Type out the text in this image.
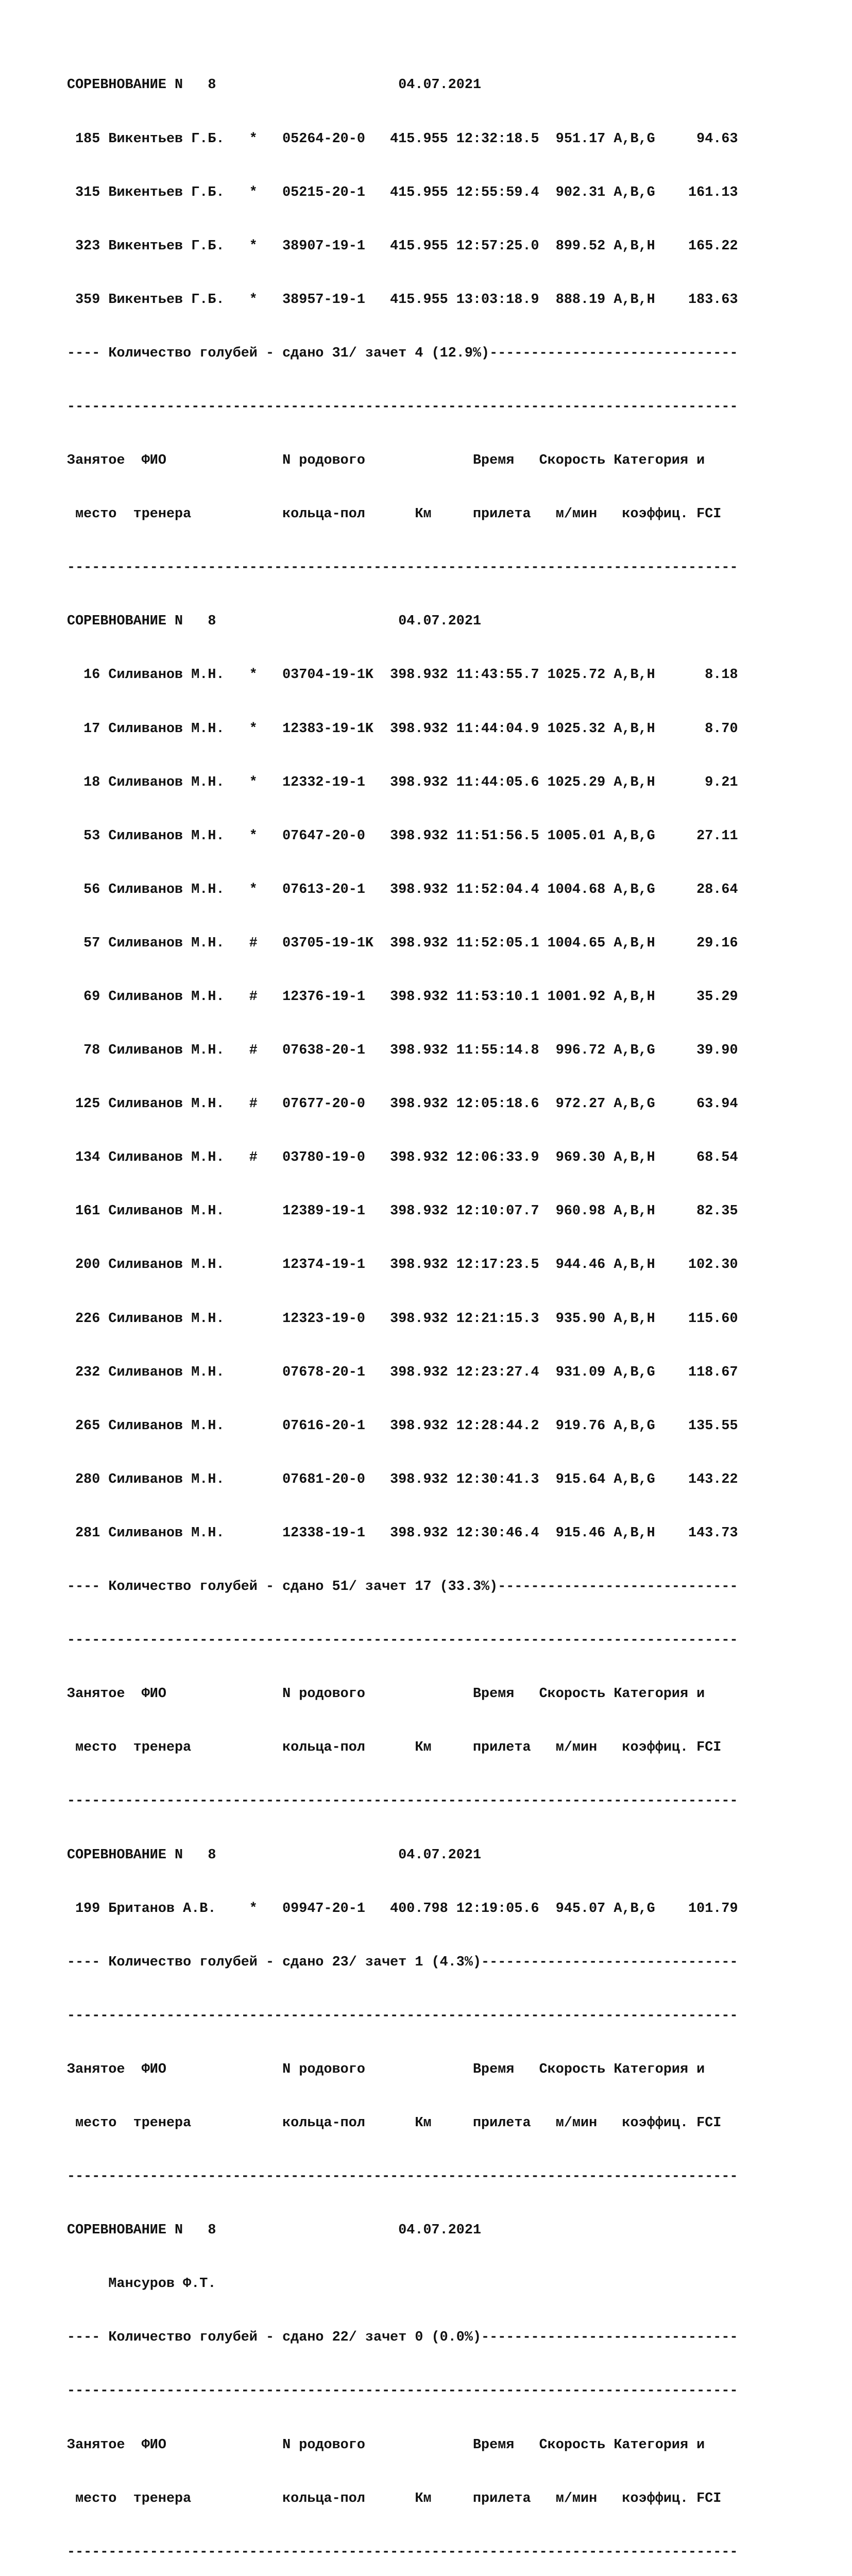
СОРЕВНОВАНИЕ N   8                      04.07.2021

185 Викентьев Г.Б.   *   05264-20-0   415.955 12:32:18.5  951.17 A,B,G     94.63

315 Викентьев Г.Б.   *   05215-20-1   415.955 12:55:59.4  902.31 A,B,G    161.13

323 Викентьев Г.Б.   *   38907-19-1   415.955 12:57:25.0  899.52 A,B,H    165.22

359 Викентьев Г.Б.   *   38957-19-1   415.955 13:03:18.9  888.19 A,B,H    183.63

---- Количество голубей - сдано 31/ зачет 4 (12.9%)------------------------------

---------------------------------------------------------------------------------

Занятое  ФИО              N родового             Время   Скорость Категория и

место  тренера           кольца-пол      Км     прилета   м/мин   коэффиц. FCI

---------------------------------------------------------------------------------

СОРЕВНОВАНИЕ N   8                      04.07.2021

16 Силиванов М.Н.   *   03704-19-1K  398.932 11:43:55.7 1025.72 A,B,H      8.18

17 Силиванов М.Н.   *   12383-19-1K  398.932 11:44:04.9 1025.32 A,B,H      8.70

18 Силиванов М.Н.   *   12332-19-1   398.932 11:44:05.6 1025.29 A,B,H      9.21

53 Силиванов М.Н.   *   07647-20-0   398.932 11:51:56.5 1005.01 A,B,G     27.11

56 Силиванов М.Н.   *   07613-20-1   398.932 11:52:04.4 1004.68 A,B,G     28.64

57 Силиванов М.Н.   #   03705-19-1K  398.932 11:52:05.1 1004.65 A,B,H     29.16

69 Силиванов М.Н.   #   12376-19-1   398.932 11:53:10.1 1001.92 A,B,H     35.29

78 Силиванов М.Н.   #   07638-20-1   398.932 11:55:14.8  996.72 A,B,G     39.90

125 Силиванов М.Н.   #   07677-20-0   398.932 12:05:18.6  972.27 A,B,G     63.94

134 Силиванов М.Н.   #   03780-19-0   398.932 12:06:33.9  969.30 A,B,H     68.54

161 Силиванов М.Н.       12389-19-1   398.932 12:10:07.7  960.98 A,B,H     82.35

200 Силиванов М.Н.       12374-19-1   398.932 12:17:23.5  944.46 A,B,H    102.30

226 Силиванов М.Н.       12323-19-0   398.932 12:21:15.3  935.90 A,B,H    115.60

232 Силиванов М.Н.       07678-20-1   398.932 12:23:27.4  931.09 A,B,G    118.67

265 Силиванов М.Н.       07616-20-1   398.932 12:28:44.2  919.76 A,B,G    135.55

280 Силиванов М.Н.       07681-20-0   398.932 12:30:41.3  915.64 A,B,G    143.22

281 Силиванов М.Н.       12338-19-1   398.932 12:30:46.4  915.46 A,B,H    143.73

---- Количество голубей - сдано 51/ зачет 17 (33.3%)-----------------------------

---------------------------------------------------------------------------------

Занятое  ФИО              N родового             Время   Скорость Категория и

место  тренера           кольца-пол      Км     прилета   м/мин   коэффиц. FCI

---------------------------------------------------------------------------------

СОРЕВНОВАНИЕ N   8                      04.07.2021

199 Британов А.В.    *   09947-20-1   400.798 12:19:05.6  945.07 A,B,G    101.79

---- Количество голубей - сдано 23/ зачет 1 (4.3%)-------------------------------

---------------------------------------------------------------------------------

Занятое  ФИО              N родового             Время   Скорость Категория и

место  тренера           кольца-пол      Км     прилета   м/мин   коэффиц. FCI

---------------------------------------------------------------------------------

СОРЕВНОВАНИЕ N   8                      04.07.2021

Мансуров Ф.Т.

---- Количество голубей - сдано 22/ зачет 0 (0.0%)-------------------------------

---------------------------------------------------------------------------------

Занятое  ФИО              N родового             Время   Скорость Категория и

место  тренера           кольца-пол      Км     прилета   м/мин   коэффиц. FCI

---------------------------------------------------------------------------------
